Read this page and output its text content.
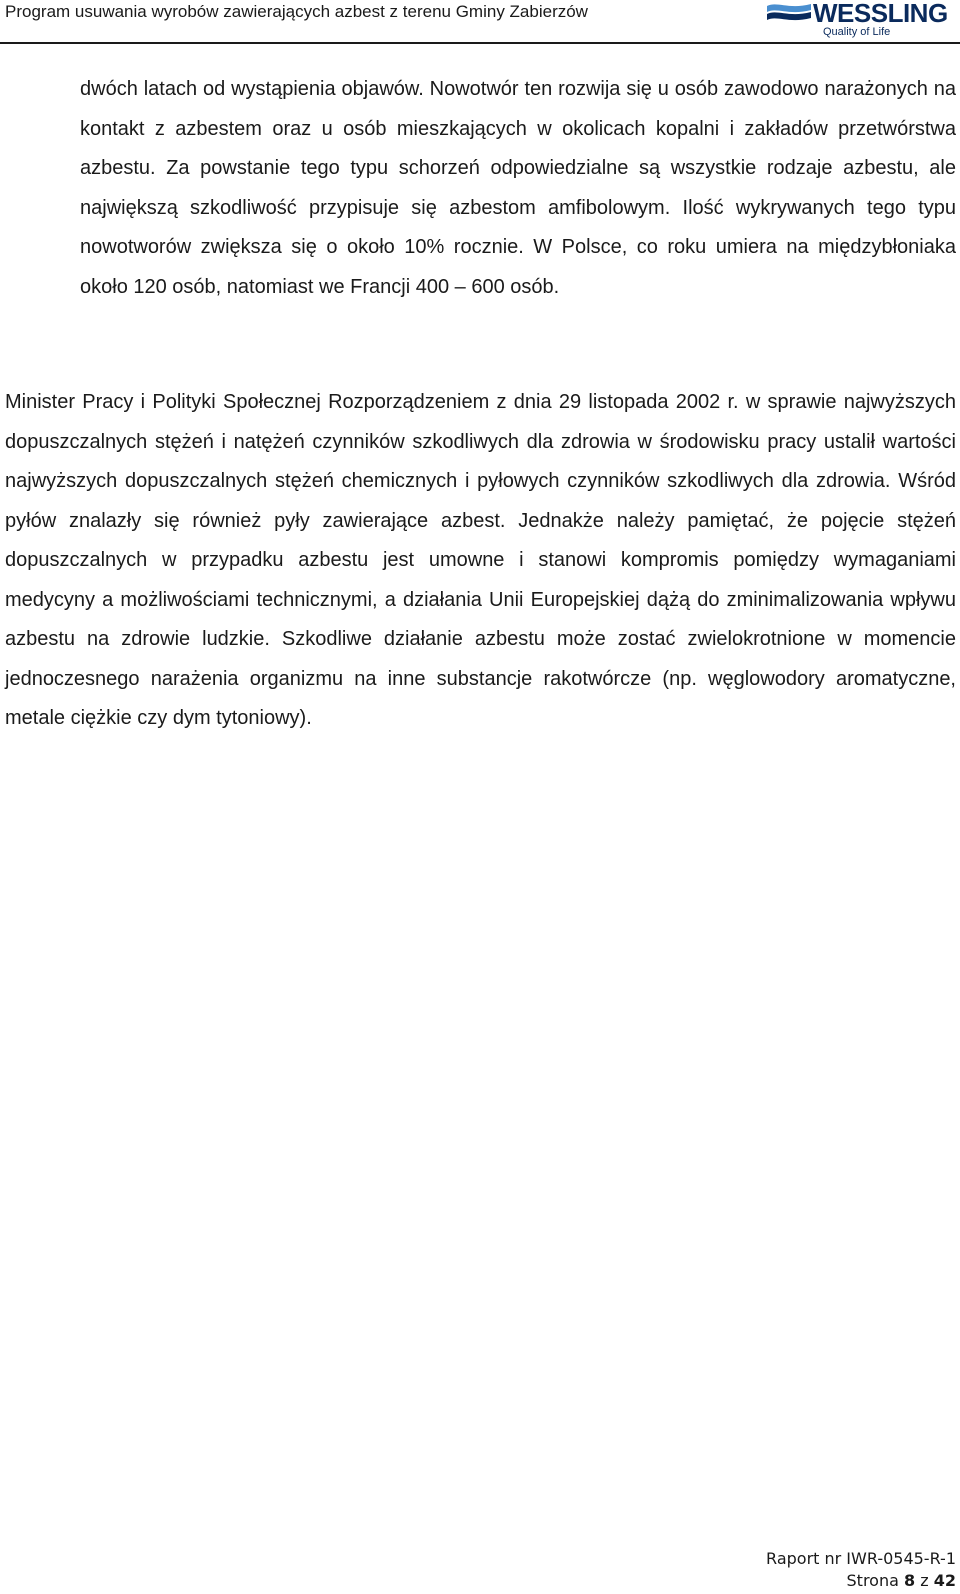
Program usuwania wyrobów zawierających azbest z terenu Gminy Zabierzów	WESSLING
Quality of Life

dwóch latach od wystąpienia objawów. Nowotwór ten rozwija się u osób zawodowo narażonych na kontakt z azbestem oraz u osób mieszkających w okolicach kopalni i zakładów przetwórstwa azbestu. Za powstanie tego typu schorzeń odpowiedzialne są wszystkie rodzaje azbestu, ale największą szkodliwość przypisuje się azbestom amfibolowym. Ilość wykrywanych tego typu nowotworów zwiększa się o około 10% rocznie. W Polsce, co roku umiera na międzybłoniaka około 120 osób, natomiast we Francji 400 – 600 osób.

Minister Pracy i Polityki Społecznej Rozporządzeniem z dnia 29 listopada 2002 r. w sprawie najwyższych dopuszczalnych stężeń i natężeń czynników szkodliwych dla zdrowia w środowisku pracy ustalił wartości najwyższych dopuszczalnych stężeń chemicznych i pyłowych czynników szkodliwych dla zdrowia. Wśród pyłów znalazły się również pyły zawierające azbest. Jednakże należy pamiętać, że pojęcie stężeń dopuszczalnych w przypadku azbestu jest umowne i stanowi kompromis pomiędzy wymaganiami medycyny a możliwościami technicznymi, a działania Unii Europejskiej dążą do zminimalizowania wpływu azbestu na zdrowie ludzkie. Szkodliwe działanie azbestu może zostać zwielokrotnione w momencie jednoczesnego narażenia organizmu na inne substancje rakotwórcze (np. węglowodory aromatyczne, metale ciężkie czy dym tytoniowy).

Raport nr IWR-0545-R-1
Strona 8 z 42
